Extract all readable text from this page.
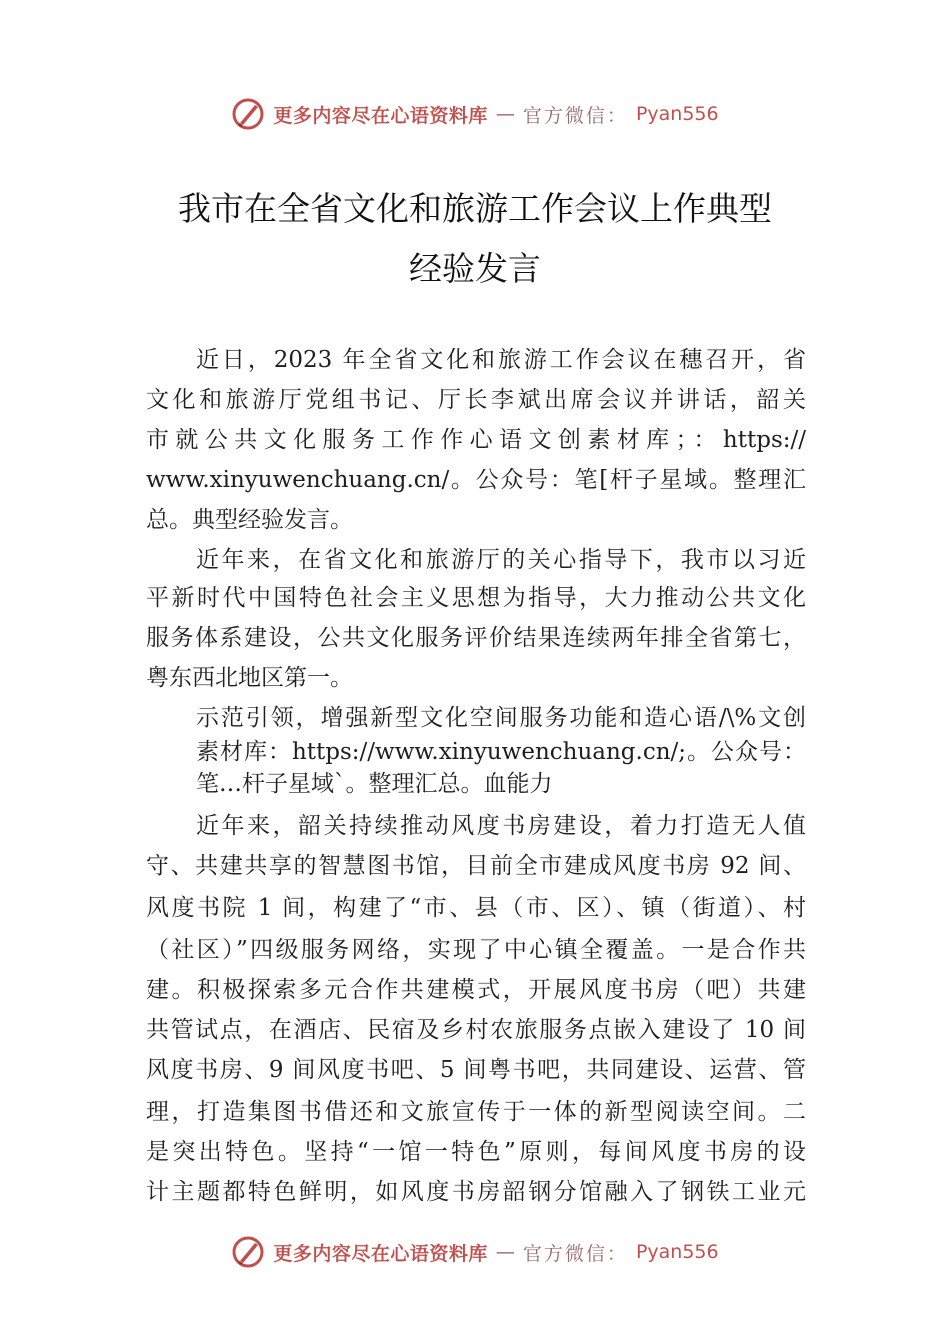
更多内容尽在心语资料库 — 官方微信： Pyan556
我市在全省文化和旅游工作会议上作典型
经验发言
近日，2023 年全省文化和旅游工作会议在穗召开，省
文化和旅游厅党组书记、厅长李斌出席会议并讲话，韶关
市就公共文化服务工作作心语文创素材库；：https://
www.xinyuwenchuang.cn/。公众号：笔[杆子星域。整理汇
总。典型经验发言。
近年来，在省文化和旅游厅的关心指导下，我市以习近
平新时代中国特色社会主义思想为指导，大力推动公共文化
服务体系建设，公共文化服务评价结果连续两年排全省第七，
粤东西北地区第一。
示范引领，增强新型文化空间服务功能和造心语/\%文创
素材库：https://www.xinyuwenchuang.cn/;。公众号：
笔…杆子星域`。整理汇总。血能力
近年来，韶关持续推动风度书房建设，着力打造无人值
守、共建共享的智慧图书馆，目前全市建成风度书房 92 间、
风度书院 1 间，构建了“市、县（市、区）、镇（街道）、村
（社区）”四级服务网络，实现了中心镇全覆盖。一是合作共
建。积极探索多元合作共建模式，开展风度书房（吧）共建
共管试点，在酒店、民宿及乡村农旅服务点嵌入建设了 10 间
风度书房、9 间风度书吧、5 间粤书吧，共同建设、运营、管
理，打造集图书借还和文旅宣传于一体的新型阅读空间。二
是突出特色。坚持“一馆一特色”原则，每间风度书房的设
计主题都特色鲜明，如风度书房韶钢分馆融入了钢铁工业元
更多内容尽在心语资料库 — 官方微信： Pyan556
